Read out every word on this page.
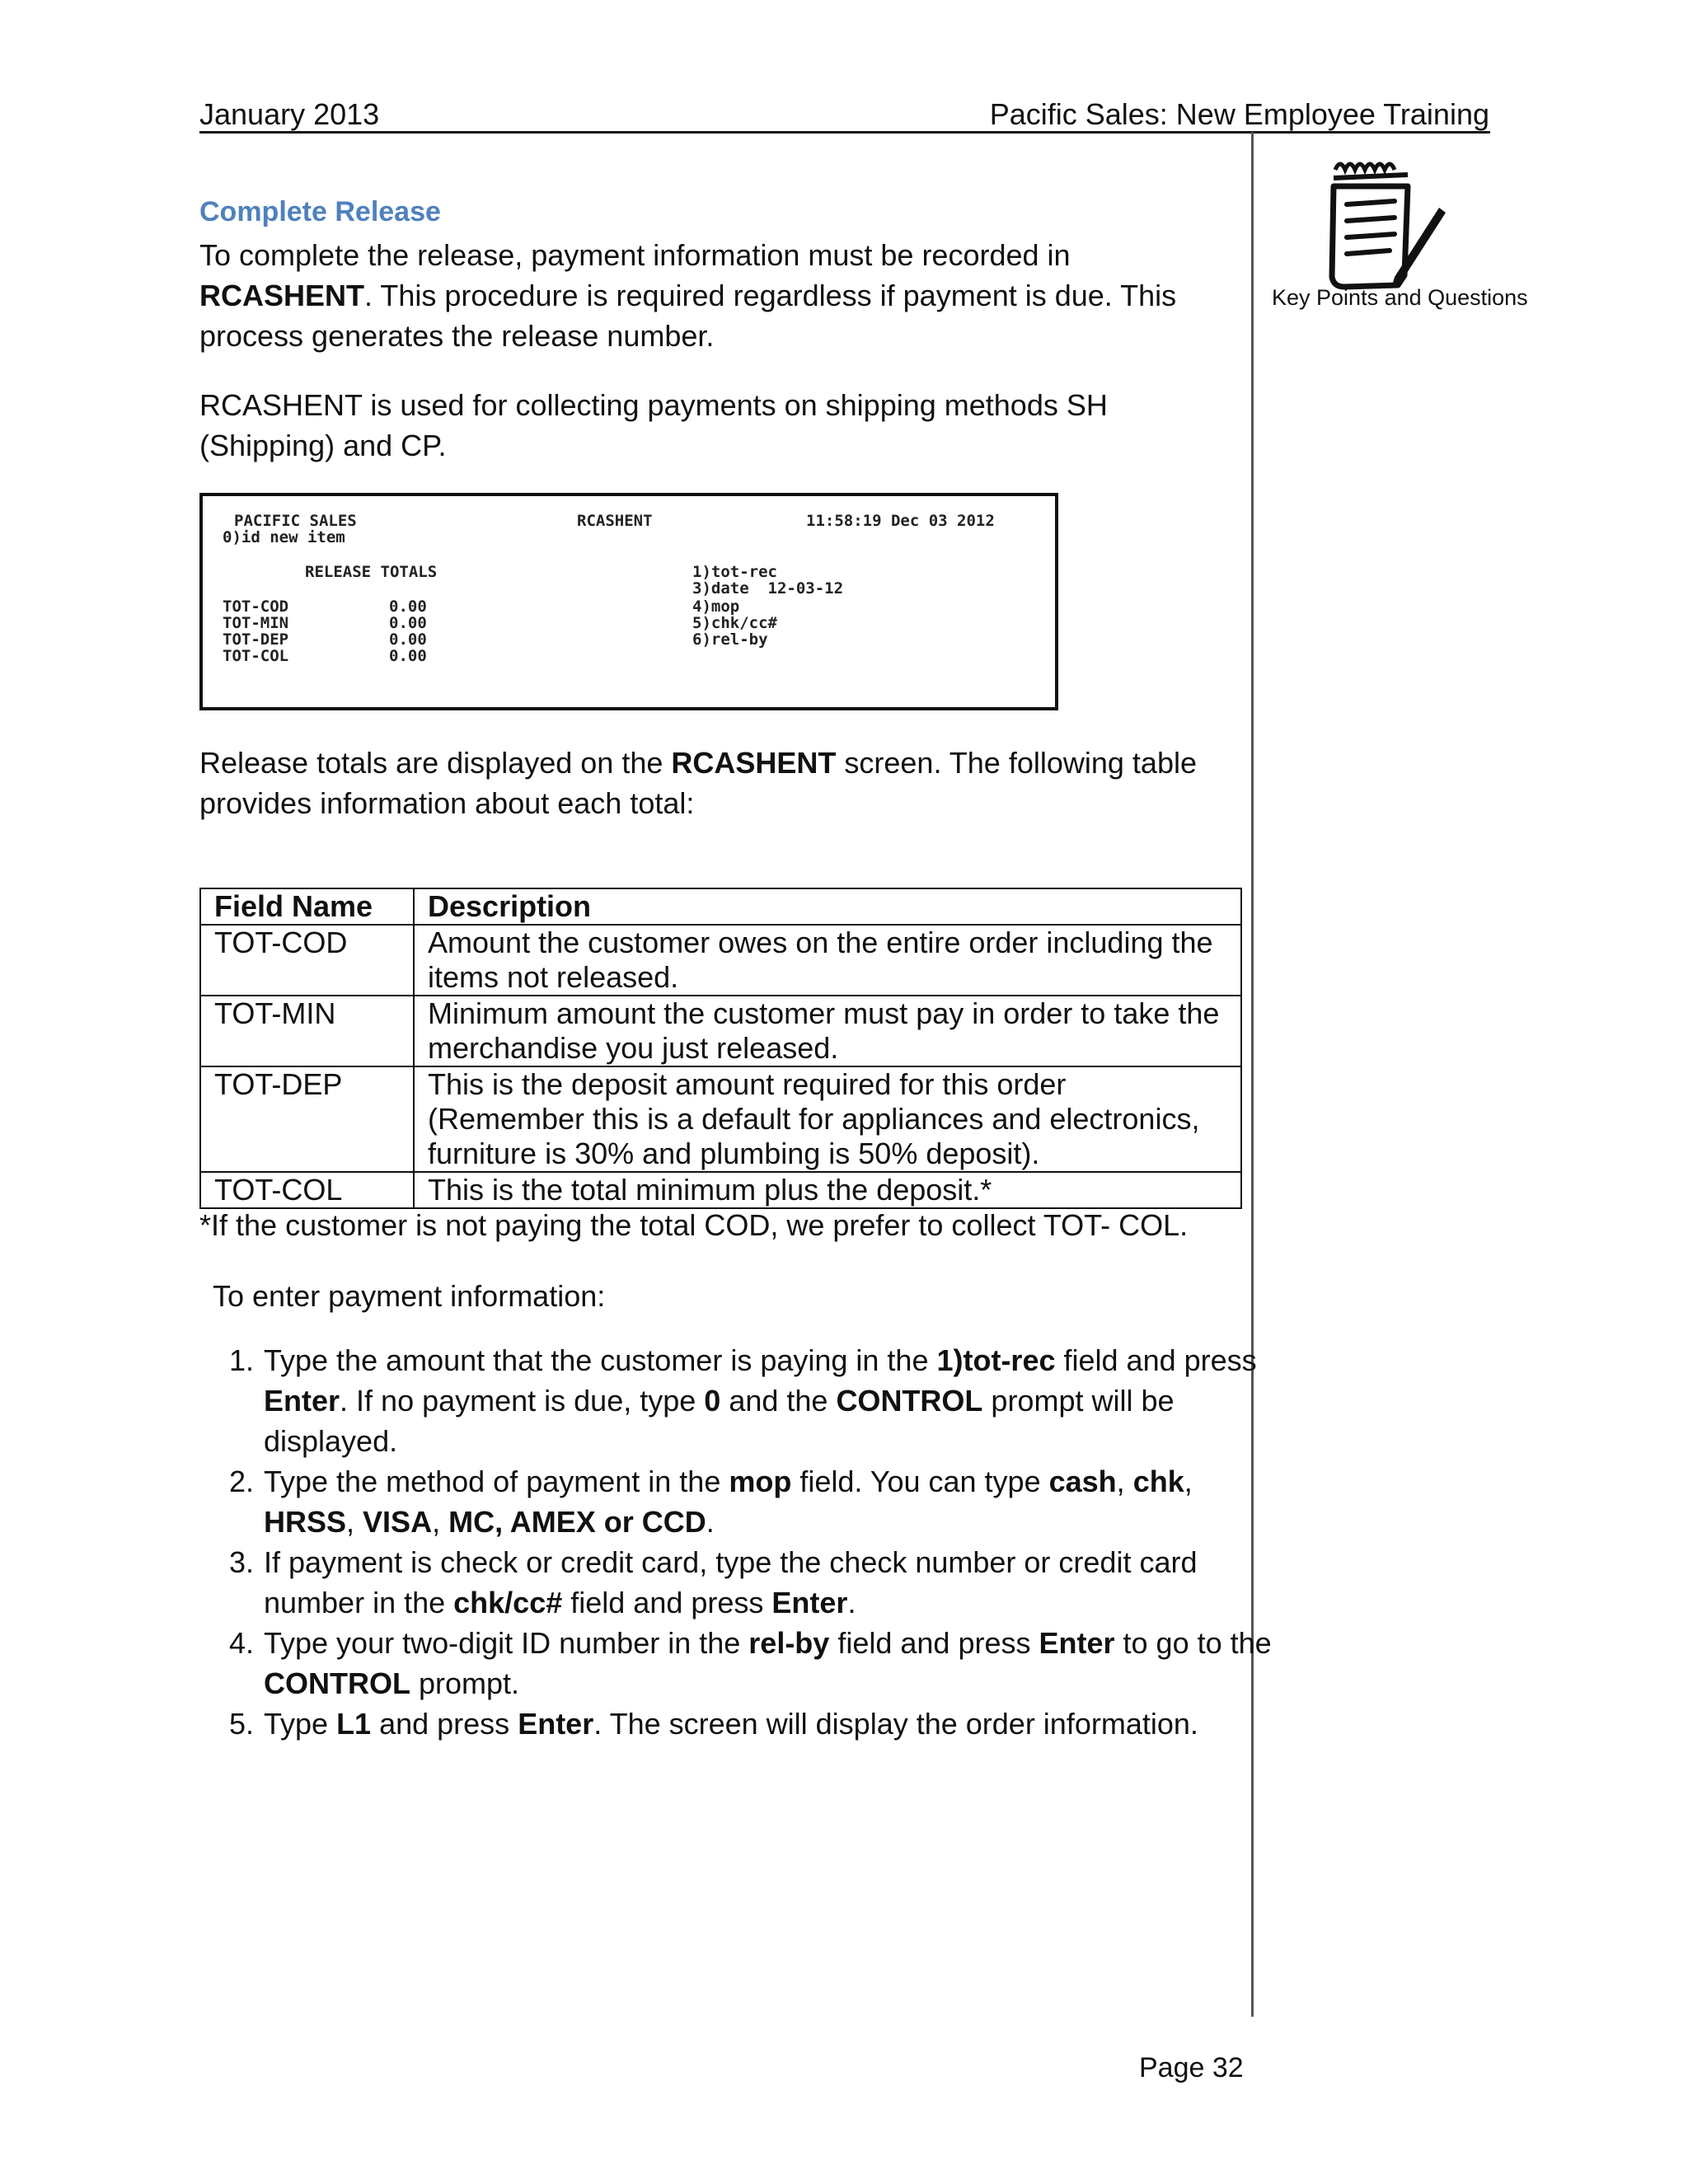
January 2013	Pacific Sales: New Employee Training
Key Points and Questions
Complete Release
To complete the release, payment information must be recorded in
RCASHENT. This procedure is required regardless if payment is due. This process generates the release number.
RCASHENT is used for collecting payments on shipping methods SH (Shipping) and CP.
PACIFIC SALES	RCASHENT	11:58:19 Dec 03 2012
0)id new item
RELEASE TOTALS	1)tot-rec
3)date  12-03-12
TOT-COD	0.00	4)mop
TOT-MIN	0.00	5)chk/cc#
TOT-DEP	0.00	6)rel-by
TOT-COL	0.00
Release totals are displayed on the RCASHENT screen. The following table provides information about each total:
Field Name	Description
TOT-COD	Amount the customer owes on the entire order including the items not released.
TOT-MIN	Minimum amount the customer must pay in order to take the merchandise you just released.
TOT-DEP	This is the deposit amount required for this order (Remember this is a default for appliances and electronics, furniture is 30% and plumbing is 50% deposit).
TOT-COL	This is the total minimum plus the deposit.*
*If the customer is not paying the total COD, we prefer to collect TOT- COL.
To enter payment information:
1. Type the amount that the customer is paying in the 1)tot-rec field and press Enter. If no payment is due, type 0 and the CONTROL prompt will be displayed.
2. Type the method of payment in the mop field. You can type cash, chk,
HRSS, VISA, MC, AMEX or CCD.
3. If payment is check or credit card, type the check number or credit card number in the chk/cc# field and press Enter.
4. Type your two-digit ID number in the rel-by field and press Enter to go to the CONTROL prompt.
5. Type L1 and press Enter. The screen will display the order information.
Page 32
